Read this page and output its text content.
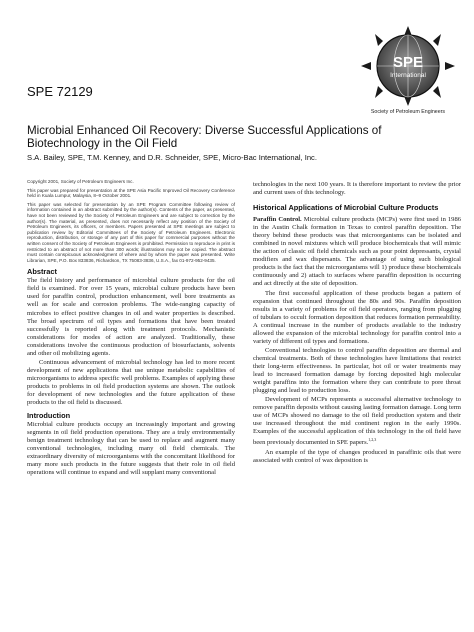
SPE
International
Society of Petroleum Engineers
SPE 72129
Microbial Enhanced Oil Recovery: Diverse Successful Applications of Biotechnology in the Oil Field
S.A. Bailey, SPE, T.M. Kenney, and D.R. Schneider, SPE, Micro-Bac International, Inc.

Copyright 2001, Society of Petroleum Engineers Inc.

This paper was prepared for presentation at the SPE Asia Pacific Improved Oil Recovery Conference held in Kuala Lumpur, Malaysia, 8–9 October 2001.

This paper was selected for presentation by an SPE Program Committee following review of information contained in an abstract submitted by the author(s). Contents of the paper, as presented, have not been reviewed by the Society of Petroleum Engineers and are subject to correction by the author(s). The material, as presented, does not necessarily reflect any position of the Society of Petroleum Engineers, its officers, or members. Papers presented at SPE meetings are subject to publication review by Editorial Committees of the Society of Petroleum Engineers. Electronic reproduction, distribution, or storage of any part of this paper for commercial purposes without the written consent of the Society of Petroleum Engineers is prohibited. Permission to reproduce in print is restricted to an abstract of not more than 300 words; illustrations may not be copied. The abstract must contain conspicuous acknowledgment of where and by whom the paper was presented. Write Librarian, SPE, P.O. Box 833836, Richardson, TX 75083-3836, U.S.A., fax 01-972-952-9435.

Abstract

The field history and performance of microbial culture products for the oil field is examined. For over 15 years, microbial culture products have been used for paraffin control, production enhancement, well bore treatments as well as for scale and corrosion problems. The wide-ranging capacity of microbes to effect positive changes in oil and water properties is described. The broad spectrum of oil types and formations that have been treated successfully is reported along with treatment protocols. Mechanistic considerations for modes of action are analyzed. Traditionally, these considerations involve the continuous production of biosurfactants, solvents and other oil mobilizing agents.

Continuous advancement of microbial technology has led to more recent development of new applications that use unique metabolic capabilities of microorganisms to address specific well problems. Examples of applying these products to problems in oil field production systems are shown. The outlook for development of new technologies and the future application of these products to the oil field is discussed.

Introduction

Microbial culture products occupy an increasingly important and growing segments in oil field production operations. They are a truly environmentally benign treatment technology that can be used to replace and augment many conventional technologies, including many oil field chemicals. The extraordinary diversity of microorganisms with the concomitant likelihood for many more such products in the future suggests that their role in oil field operations will continue to expand and will supplant many conventional

technologies in the next 100 years. It is therefore important to review the prior and current uses of this technology.

Historical Applications of Microbial Culture Products

Paraffin Control. Microbial culture products (MCPs) were first used in 1986 in the Austin Chalk formation in Texas to control paraffin deposition. The theory behind these products was that microorganisms can be isolated and combined in novel mixtures which will produce biochemicals that will mimic the action of classic oil field chemicals such as pour point depressants, crystal modifiers and wax dispersants. The advantage of using such biological products is the fact that the microorganisms will 1) produce these biochemicals continuously and 2) attach to surfaces where paraffin deposition is occurring and act directly at the site of deposition.

The first successful application of these products began a pattern of expansion that continued throughout the 80s and 90s. Paraffin deposition results in a variety of problems for oil field operators, ranging from plugging of tubulars to occult formation deposition that reduces formation permeability. A continual increase in the number of products available to the industry allowed the expansion of the microbial technology for paraffin control into a variety of different oil types and formations.

Conventional technologies to control paraffin deposition are thermal and chemical treatments. Both of these technologies have limitations that restrict their long-term effectiveness. In particular, hot oil or water treatments may lead to increased formation damage by forcing deposited high molecular weight paraffins into the formation where they can contribute to pore throat plugging and lead to production loss.

Development of MCPs represents a successful alternative technology to remove paraffin deposits without causing lasting formation damage. Long term use of MCPs showed no damage to the oil field production system and their use increased throughout the mid continent region in the early 1990s. Examples of the successful application of this technology in the oil field have been previously documented in SPE papers.$^{1,2,3}$

An example of the type of changes produced in paraffinic oils that were associated with control of wax deposition is
